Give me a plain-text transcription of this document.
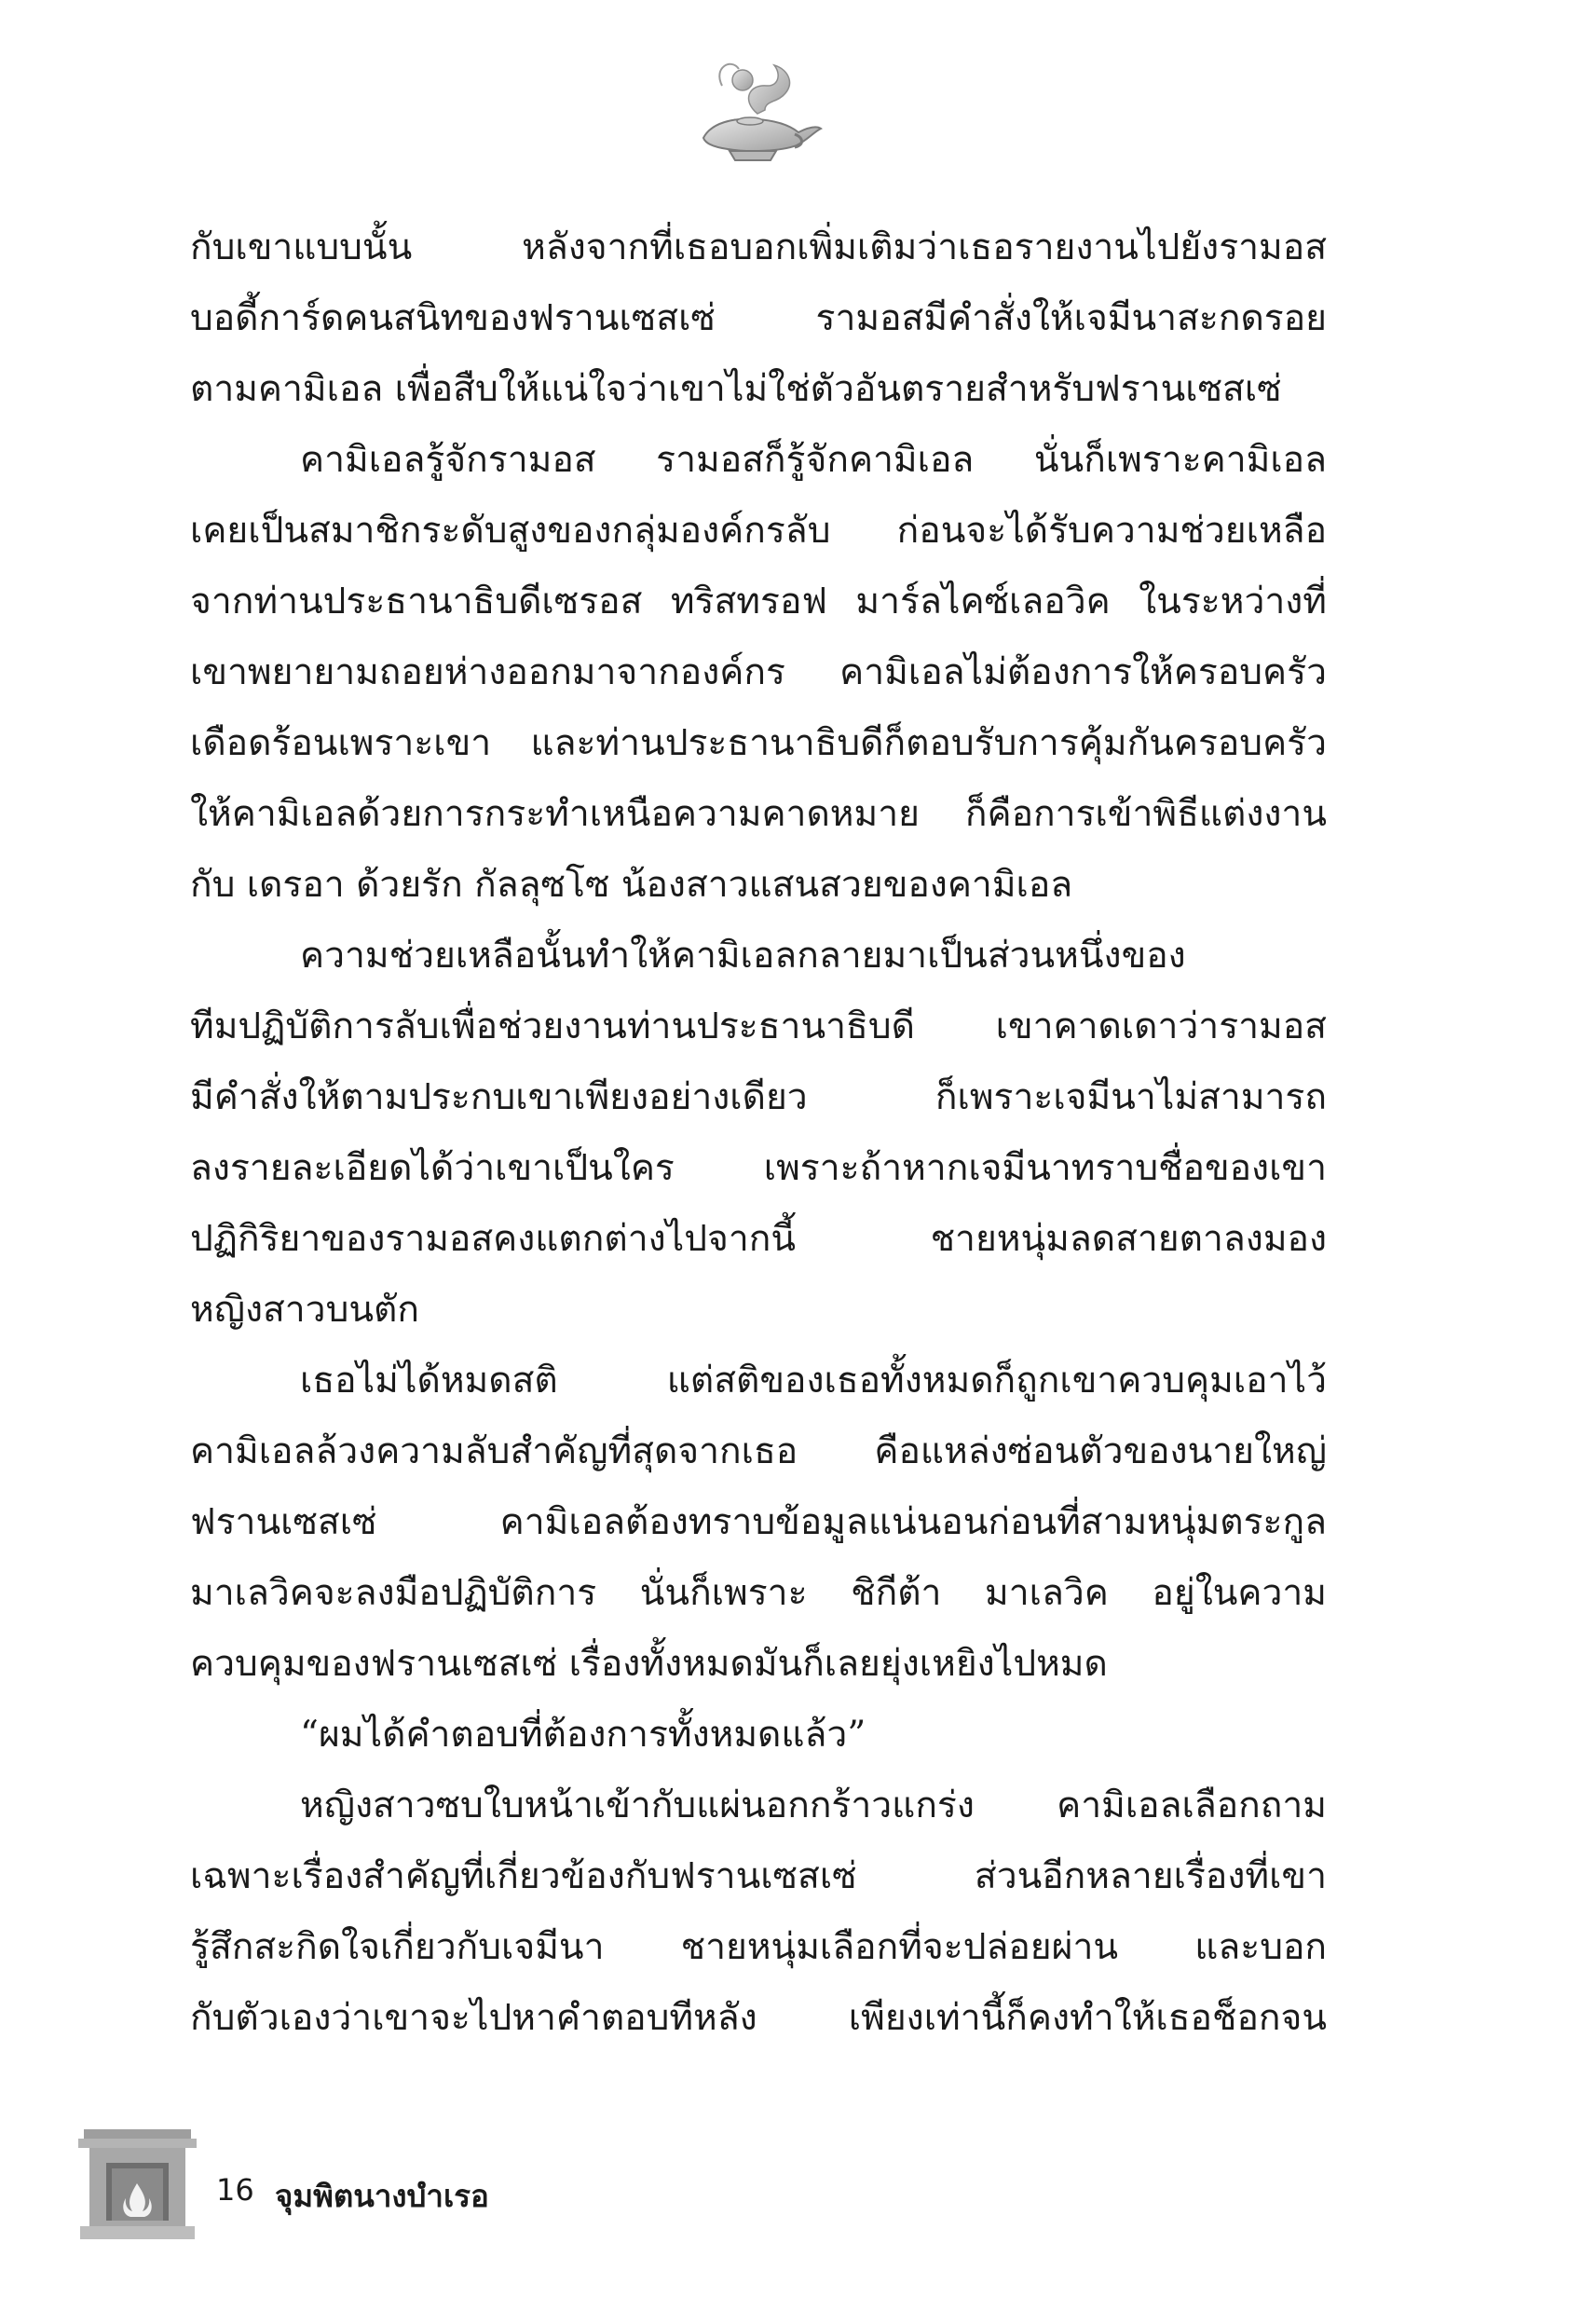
กับเขาแบบนั้น หลังจากที่เธอบอกเพิ่มเติมว่าเธอรายงานไปยังรามอส
บอดี้การ์ดคนสนิทของฟรานเซสเซ่ รามอสมีคำสั่งให้เจมีนาสะกดรอย
ตามคามิเอล เพื่อสืบให้แน่ใจว่าเขาไม่ใช่ตัวอันตรายสำหรับฟรานเซสเซ่
คามิเอลรู้จักรามอส รามอสก็รู้จักคามิเอล นั่นก็เพราะคามิเอล
เคยเป็นสมาชิกระดับสูงของกลุ่มองค์กรลับ ก่อนจะได้รับความช่วยเหลือ
จากท่านประธานาธิบดีเซรอส ทริสทรอฟ มาร์ลไคซ์เลอวิค ในระหว่างที่
เขาพยายามถอยห่างออกมาจากองค์กร คามิเอลไม่ต้องการให้ครอบครัว
เดือดร้อนเพราะเขา และท่านประธานาธิบดีก็ตอบรับการคุ้มกันครอบครัว
ให้คามิเอลด้วยการกระทำเหนือความคาดหมาย ก็คือการเข้าพิธีแต่งงาน
กับ เดรอา ด้วยรัก กัลลุซโซ น้องสาวแสนสวยของคามิเอล
ความช่วยเหลือนั้นทำให้คามิเอลกลายมาเป็นส่วนหนึ่งของ
ทีมปฏิบัติการลับเพื่อช่วยงานท่านประธานาธิบดี เขาคาดเดาว่ารามอส
มีคำสั่งให้ตามประกบเขาเพียงอย่างเดียว ก็เพราะเจมีนาไม่สามารถ
ลงรายละเอียดได้ว่าเขาเป็นใคร เพราะถ้าหากเจมีนาทราบชื่อของเขา
ปฏิกิริยาของรามอสคงแตกต่างไปจากนี้ ชายหนุ่มลดสายตาลงมอง
หญิงสาวบนตัก
เธอไม่ได้หมดสติ แต่สติของเธอทั้งหมดก็ถูกเขาควบคุมเอาไว้
คามิเอลล้วงความลับสำคัญที่สุดจากเธอ คือแหล่งซ่อนตัวของนายใหญ่
ฟรานเซสเซ่ คามิเอลต้องทราบข้อมูลแน่นอนก่อนที่สามหนุ่มตระกูล
มาเลวิคจะลงมือปฏิบัติการ นั่นก็เพราะ ชิกีต้า มาเลวิค อยู่ในความ
ควบคุมของฟรานเซสเซ่ เรื่องทั้งหมดมันก็เลยยุ่งเหยิงไปหมด
“ผมได้คำตอบที่ต้องการทั้งหมดแล้ว”
หญิงสาวซบใบหน้าเข้ากับแผ่นอกกร้าวแกร่ง คามิเอลเลือกถาม
เฉพาะเรื่องสำคัญที่เกี่ยวข้องกับฟรานเซสเซ่ ส่วนอีกหลายเรื่องที่เขา
รู้สึกสะกิดใจเกี่ยวกับเจมีนา ชายหนุ่มเลือกที่จะปล่อยผ่าน และบอก
กับตัวเองว่าเขาจะไปหาคำตอบทีหลัง เพียงเท่านี้ก็คงทำให้เธอช็อกจน
16 จุมพิตนางบำเรอ
